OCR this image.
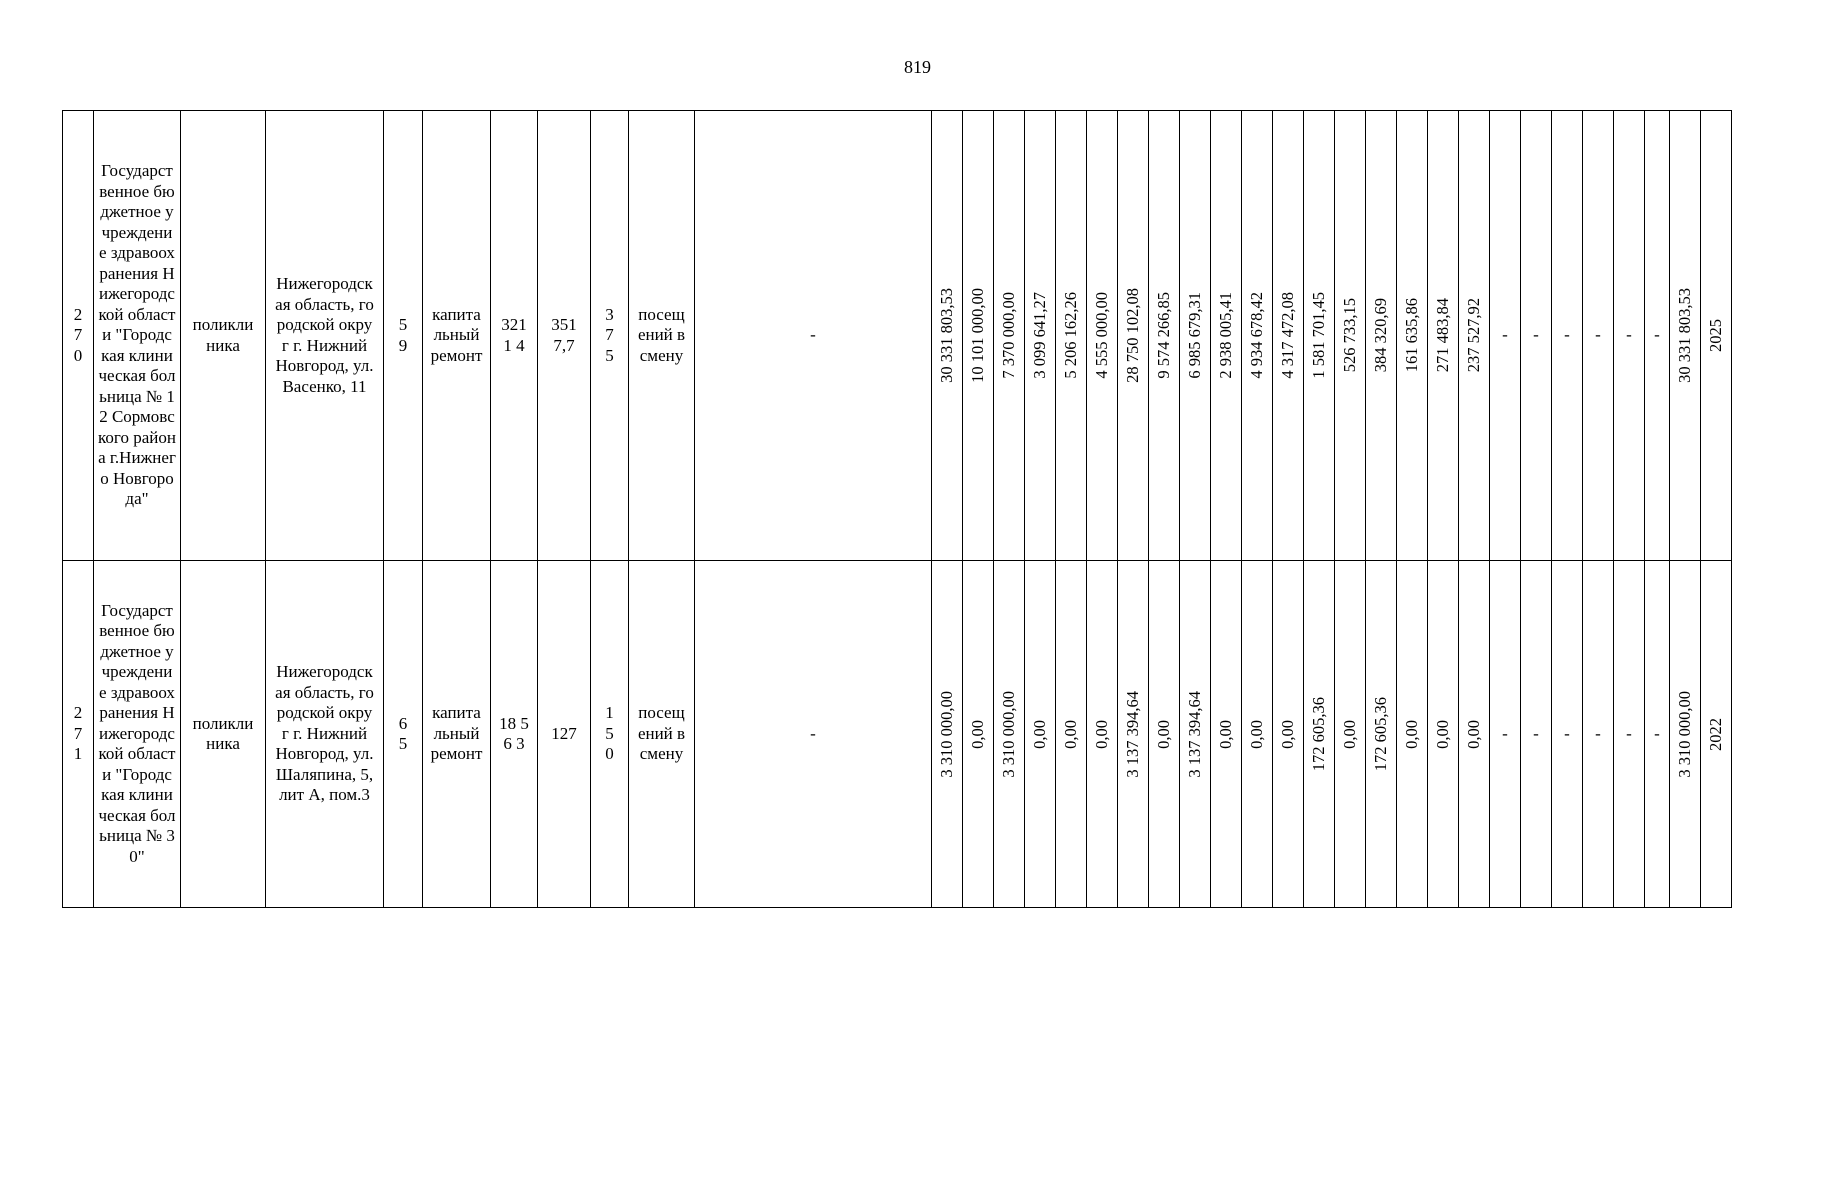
819
270	Государственное бюджетное учреждение здравоохранения Нижегородской области "Городская клиническая больница № 12 Сормовского района г.Нижнего Новгорода"	поликлиника	Нижегородская область, городской округ г. Нижний Новгород, ул.Васенко, 11	59	капитальный ремонт	3211 4	351 7,7	375	посещений в смену	-	30 331 803,53	10 101 000,00	7 370 000,00	3 099 641,27	5 206 162,26	4 555 000,00	28 750 102,08	9 574 266,85	6 985 679,31	2 938 005,41	4 934 678,42	4 317 472,08	1 581 701,45	526 733,15	384 320,69	161 635,86	271 483,84	237 527,92	-	-	-	-	-	-	30 331 803,53	2025

271	Государственное бюджетное учреждение здравоохранения Нижегородской области "Городская клиническая больница № 30"	поликлиника	Нижегородская область, городской округ г. Нижний Новгород, ул.Шаляпина, 5, лит А, пом.3	65	капитальный ремонт	18 56 3	127	150	посещений в смену	-	3 310 000,00	0,00	3 310 000,00	0,00	0,00	0,00	3 137 394,64	0,00	3 137 394,64	0,00	0,00	0,00	172 605,36	0,00	172 605,36	0,00	0,00	0,00	-	-	-	-	-	-	3 310 000,00	2022
